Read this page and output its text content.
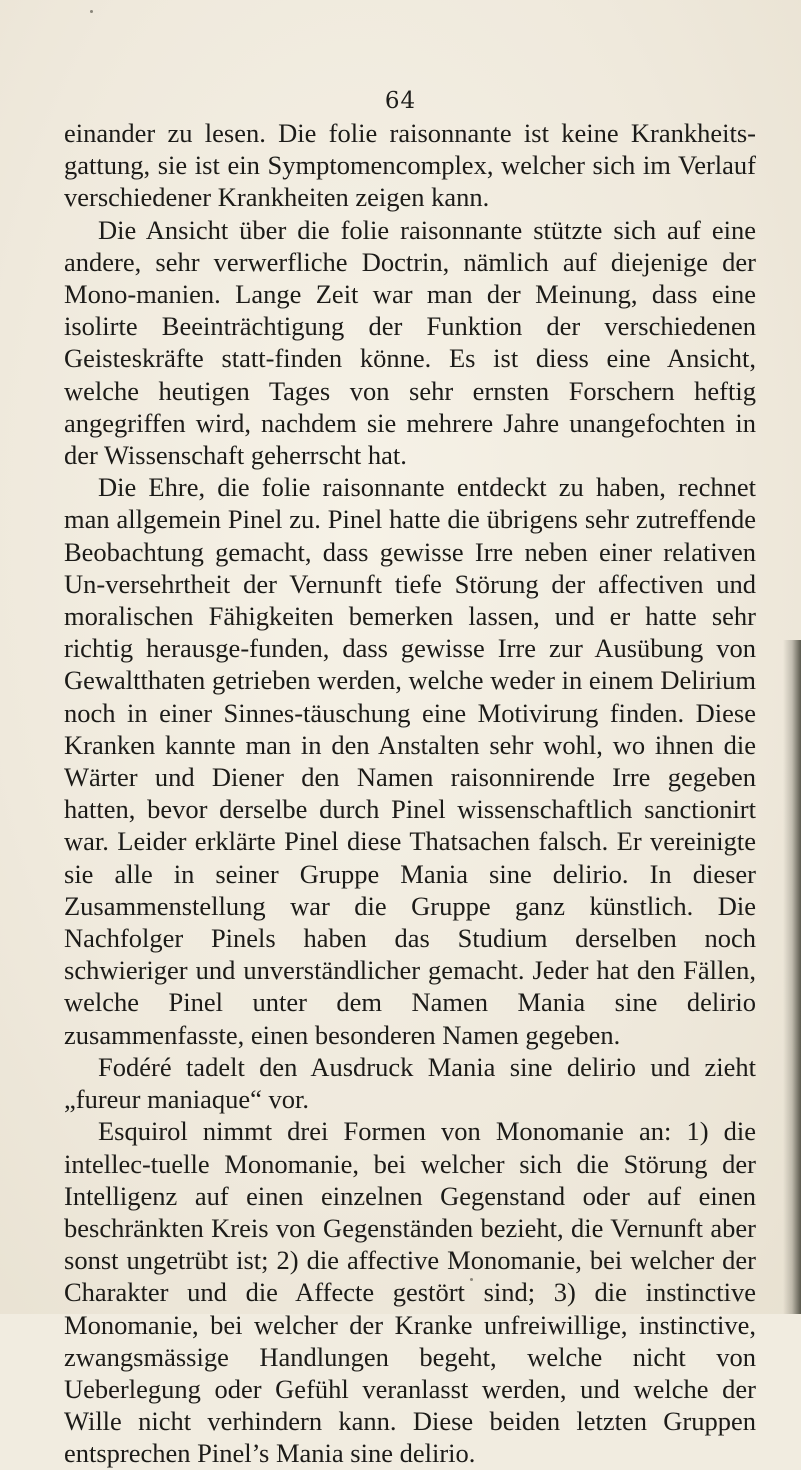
64

einander zu lesen. Die folie raisonnante ist keine Krankheits-gattung, sie ist ein Symptomencomplex, welcher sich im Verlauf verschiedener Krankheiten zeigen kann.

Die Ansicht über die folie raisonnante stützte sich auf eine andere, sehr verwerfliche Doctrin, nämlich auf diejenige der Mono-manien. Lange Zeit war man der Meinung, dass eine isolirte Beeinträchtigung der Funktion der verschiedenen Geisteskräfte statt-finden könne. Es ist diess eine Ansicht, welche heutigen Tages von sehr ernsten Forschern heftig angegriffen wird, nachdem sie mehrere Jahre unangefochten in der Wissenschaft geherrscht hat.

Die Ehre, die folie raisonnante entdeckt zu haben, rechnet man allgemein Pinel zu. Pinel hatte die übrigens sehr zutreffende Beobachtung gemacht, dass gewisse Irre neben einer relativen Un-versehrtheit der Vernunft tiefe Störung der affectiven und moralischen Fähigkeiten bemerken lassen, und er hatte sehr richtig herausge-funden, dass gewisse Irre zur Ausübung von Gewaltthaten getrieben werden, welche weder in einem Delirium noch in einer Sinnes-täuschung eine Motivirung finden. Diese Kranken kannte man in den Anstalten sehr wohl, wo ihnen die Wärter und Diener den Namen raisonnirende Irre gegeben hatten, bevor derselbe durch Pinel wissenschaftlich sanctionirt war. Leider erklärte Pinel diese Thatsachen falsch. Er vereinigte sie alle in seiner Gruppe Mania sine delirio. In dieser Zusammenstellung war die Gruppe ganz künstlich. Die Nachfolger Pinels haben das Studium derselben noch schwieriger und unverständlicher gemacht. Jeder hat den Fällen, welche Pinel unter dem Namen Mania sine delirio zusammenfasste, einen besonderen Namen gegeben.

Fodéré tadelt den Ausdruck Mania sine delirio und zieht „fureur maniaque“ vor.

Esquirol nimmt drei Formen von Monomanie an: 1) die intellec-tuelle Monomanie, bei welcher sich die Störung der Intelligenz auf einen einzelnen Gegenstand oder auf einen beschränkten Kreis von Gegenständen bezieht, die Vernunft aber sonst ungetrübt ist; 2) die affective Monomanie, bei welcher der Charakter und die Affecte gestört sind; 3) die instinctive Monomanie, bei welcher der Kranke unfreiwillige, instinctive, zwangsmässige Handlungen begeht, welche nicht von Ueberlegung oder Gefühl veranlasst werden, und welche der Wille nicht verhindern kann. Diese beiden letzten Gruppen entsprechen Pinel’s Mania sine delirio.
